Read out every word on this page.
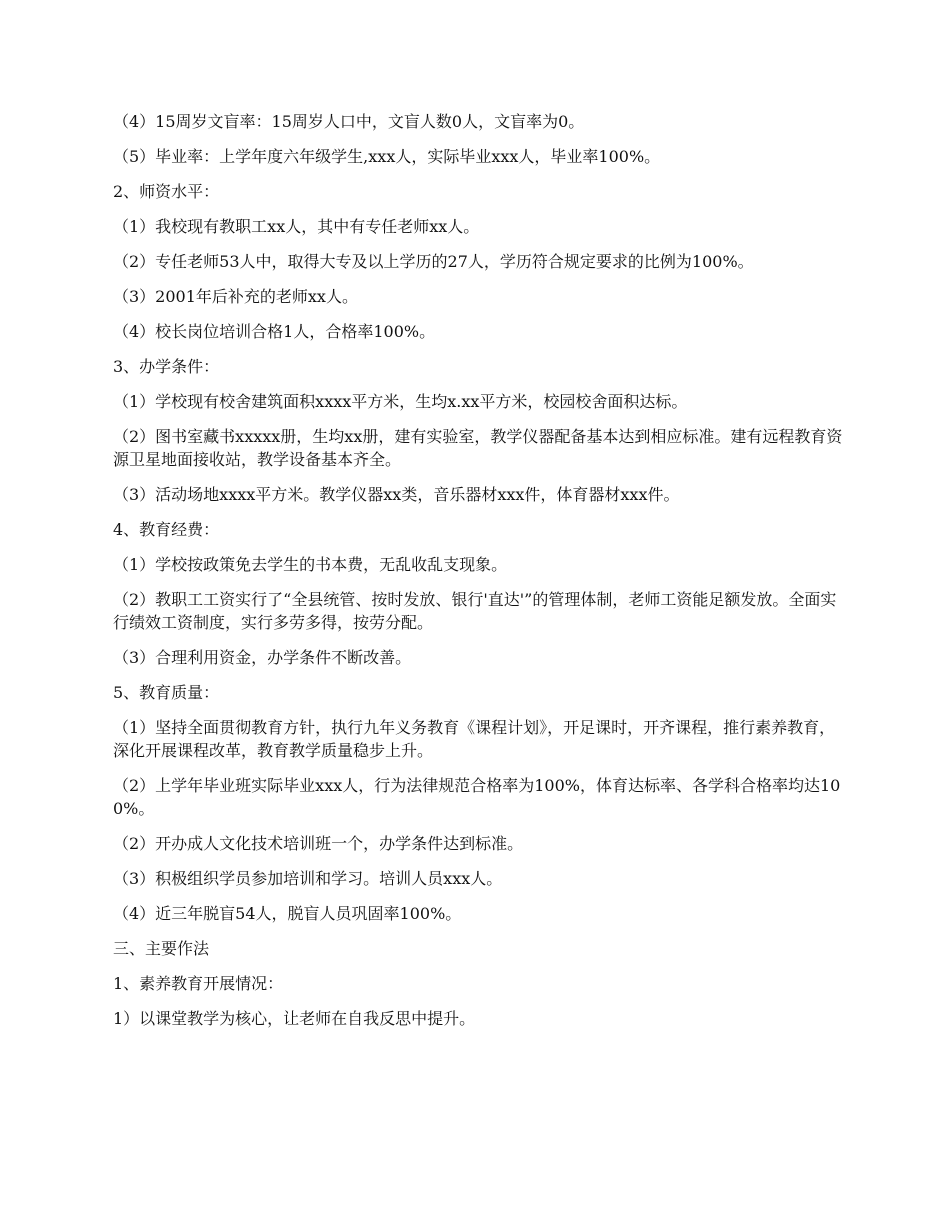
（4）15周岁文盲率：15周岁人口中，文盲人数0人，文盲率为0。

（5）毕业率：上学年度六年级学生,xxx人，实际毕业xxx人，毕业率100%。

2、师资水平：

（1）我校现有教职工xx人，其中有专任老师xx人。

（2）专任老师53人中，取得大专及以上学历的27人，学历符合规定要求的比例为100%。

（3）2001年后补充的老师xx人。

（4）校长岗位培训合格1人，合格率100%。

3、办学条件：

（1）学校现有校舍建筑面积xxxx平方米，生均x.xx平方米，校园校舍面积达标。

（2）图书室藏书xxxxx册，生均xx册，建有实验室，教学仪器配备基本达到相应标准。建有远程教育资源卫星地面接收站，教学设备基本齐全。

（3）活动场地xxxx平方米。教学仪器xx类，音乐器材xxx件，体育器材xxx件。

4、教育经费：

（1）学校按政策免去学生的书本费，无乱收乱支现象。

（2）教职工工资实行了“全县统管、按时发放、银行'直达'”的管理体制，老师工资能足额发放。全面实行绩效工资制度，实行多劳多得，按劳分配。

（3）合理利用资金，办学条件不断改善。

5、教育质量：

（1）坚持全面贯彻教育方针，执行九年义务教育《课程计划》，开足课时，开齐课程，推行素养教育，深化开展课程改革，教育教学质量稳步上升。

（2）上学年毕业班实际毕业xxx人，行为法律规范合格率为100%，体育达标率、各学科合格率均达100%。

（2）开办成人文化技术培训班一个，办学条件达到标准。

（3）积极组织学员参加培训和学习。培训人员xxx人。

（4）近三年脱盲54人，脱盲人员巩固率100%。

三、主要作法

1、素养教育开展情况：

1）以课堂教学为核心，让老师在自我反思中提升。
